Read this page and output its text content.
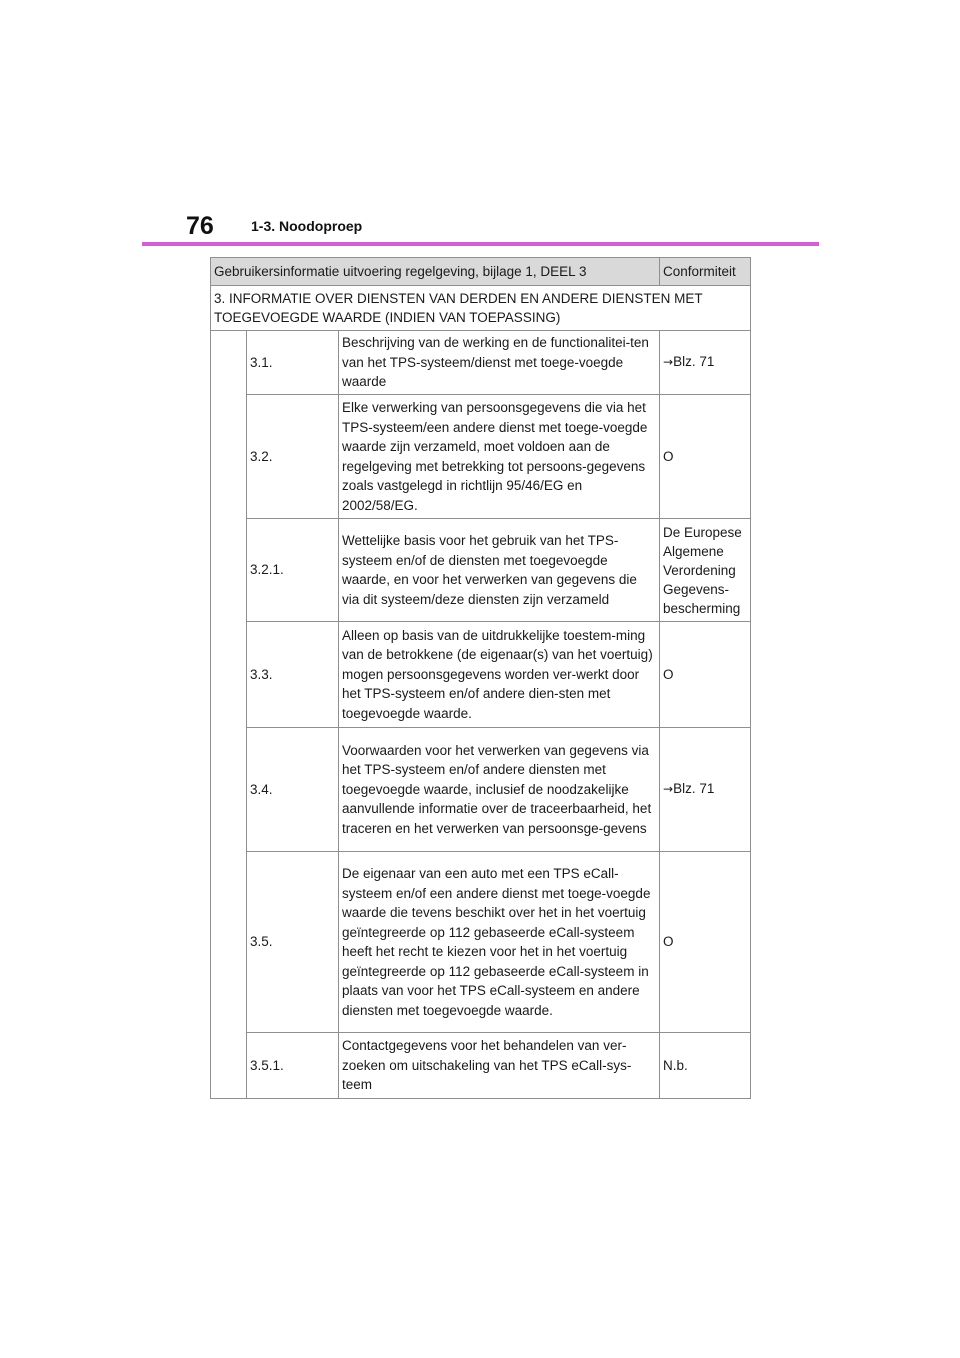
76	1-3. Noodoproep
Gebruikersinformatie uitvoering regelgeving, bijlage 1, DEEL 3			Conformiteit
3. INFORMATIE OVER DIENSTEN VAN DERDEN EN ANDERE DIENSTEN MET TOEGEVOEGDE WAARDE (INDIEN VAN TOEPASSING)			
	3.1.	Beschrijving van de werking en de functionalitei-ten van het TPS-systeem/dienst met toege-voegde waarde	→Blz. 71
	3.2.	Elke verwerking van persoonsgegevens die via het TPS-systeem/een andere dienst met toege-voegde waarde zijn verzameld, moet voldoen aan de regelgeving met betrekking tot persoons-gegevens zoals vastgelegd in richtlijn 95/46/EG en 2002/58/EG.	O
	3.2.1.	Wettelijke basis voor het gebruik van het TPS-systeem en/of de diensten met toegevoegde waarde, en voor het verwerken van gegevens die via dit systeem/deze diensten zijn verzameld	De Europese Algemene Verordening Gegevens-bescherming
	3.3.	Alleen op basis van de uitdrukkelijke toestem-ming van de betrokkene (de eigenaar(s) van het voertuig) mogen persoonsgegevens worden ver-werkt door het TPS-systeem en/of andere dien-sten met toegevoegde waarde.	O
	3.4.	Voorwaarden voor het verwerken van gegevens via het TPS-systeem en/of andere diensten met toegevoegde waarde, inclusief de noodzakelijke aanvullende informatie over de traceerbaarheid, het traceren en het verwerken van persoonsge-gevens	→Blz. 71
	3.5.	De eigenaar van een auto met een TPS eCall-systeem en/of een andere dienst met toege-voegde waarde die tevens beschikt over het in het voertuig geïntegreerde op 112 gebaseerde eCall-systeem heeft het recht te kiezen voor het in het voertuig geïntegreerde op 112 gebaseerde eCall-systeem in plaats van voor het TPS eCall-systeem en andere diensten met toegevoegde waarde.	O
	3.5.1.	Contactgegevens voor het behandelen van ver-zoeken om uitschakeling van het TPS eCall-sys-teem	N.b.
